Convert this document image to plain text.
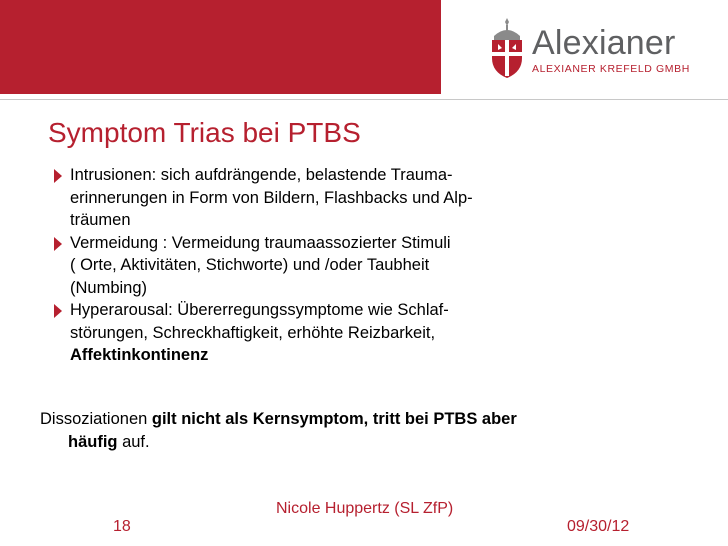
Alexianer
ALEXIANER KREFELD GMBH
Symptom Trias bei PTBS
Intrusionen: sich aufdrängende, belastende Trauma-
erinnerungen in Form von Bildern, Flashbacks und Alp-
träumen
Vermeidung : Vermeidung traumaassozierter Stimuli
( Orte, Aktivitäten, Stichworte) und /oder Taubheit
(Numbing)
Hyperarousal: Übererregungssymptome wie Schlaf-
störungen, Schreckhaftigkeit, erhöhte Reizbarkeit,
Affektinkontinenz
Dissoziationen gilt nicht als Kernsymptom, tritt bei PTBS aber
häufig auf.
Nicole Huppertz (SL ZfP)
18	09/30/12
